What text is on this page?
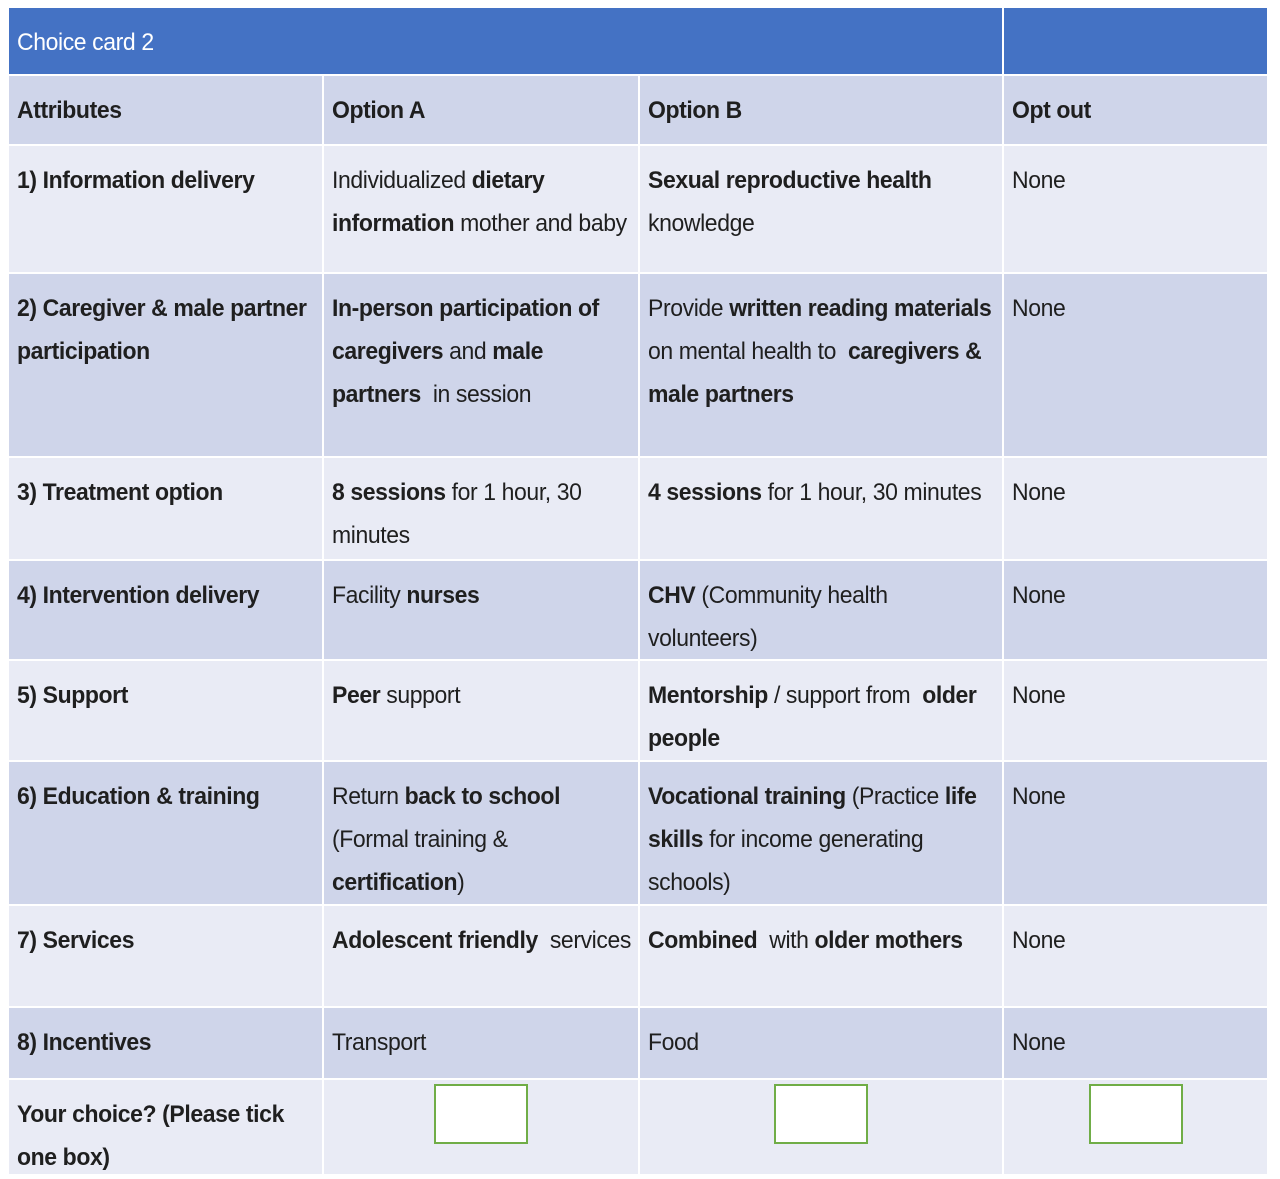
Choice card 2			

Attributes	Option A	Option B	Opt out

1) Information delivery	Individualized dietary information mother and baby	Sexual reproductive health  knowledge	None

2) Caregiver & male partner participation	In-person participation of caregivers and male partners  in session	Provide written reading materials  on mental health to  caregivers & male partners	None

3) Treatment option	8 sessions for 1 hour, 30 minutes	4 sessions for 1 hour, 30 minutes	None

4) Intervention delivery	Facility nurses	CHV (Community health volunteers)	None

5) Support	Peer support	Mentorship / support from  older people	None

6) Education & training	Return back to school  (Formal training & certification)	Vocational training (Practice life skills for income generating schools)	None

7) Services	Adolescent friendly  services	Combined  with older mothers	None

8) Incentives	Transport	Food	None

Your choice? (Please tick one box)			
